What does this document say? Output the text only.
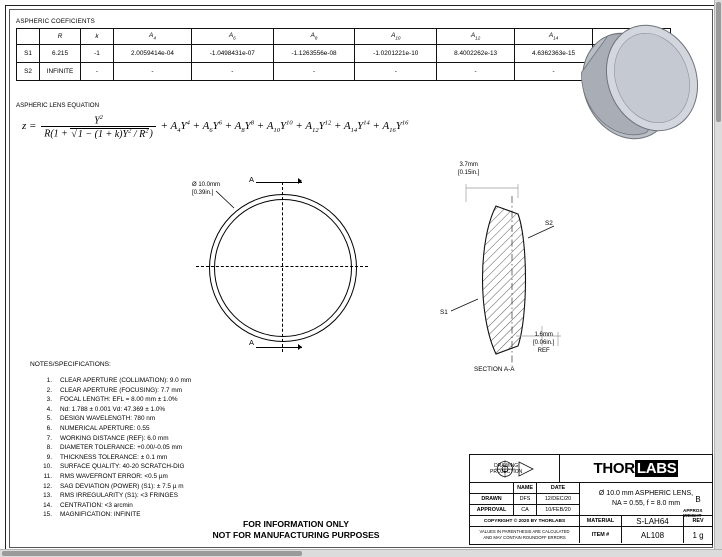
ASPHERIC COEFICIENTS
	R	k	$A_4$	$A_6$	$A_8$	$A_{10}$	$A_{12}$	$A_{14}$	
S1	6.215	-1	2.0059414e-04	-1.0498431e-07	-1.1263556e-08	-1.0201221e-10	8.4002262e-13	4.6362363e-15	
S2	INFINITE	-	-	-	-	-	-	-	
ASPHERIC LENS EQUATION
$z = \frac{Y^2}{R(1 + √1 - (1 + k)Y^2 / R^2)} + A_4Y^4 + A_6Y^6 + A_8Y^8 + A_{10}Y^{10} + A_{12}Y^{12} + A_{14}Y^{14} + A_{16}Y^{16}$
Ø 10.0mm
[0.39in.]
A
A
3.7mm
[0.15in.]
1.6mm
[0.06in.]
REF
S1
S2
SECTION A-A
NOTES/SPECIFICATIONS:
1.	CLEAR APERTURE (COLLIMATION): 9.0 mm
2.	CLEAR APERTURE (FOCUSING): 7.7 mm
3.	FOCAL LENGTH: EFL = 8.00 mm ± 1.0%
4.	Nd: 1.788 ± 0.001 Vd: 47.369 ± 1.0%
5.	DESIGN WAVELENGTH: 780 nm
6.	NUMERICAL APERTURE: 0.55
7.	WORKING DISTANCE (REF): 6.0 mm
8.	DIAMETER TOLERANCE: +0.00/-0.05 mm
9.	THICKNESS TOLERANCE: ± 0.1 mm
10.	SURFACE QUALITY: 40-20 SCRATCH-DIG
11.	RMS WAVEFRONT ERROR: <0.5 µm
12.	SAG DEVIATION (POWER) (S1): ± 7.5 µ m
13.	RMS IRREGULARITY (S1): <3 FRINGES
14.	CENTRATION: <3 arcmin
15.	MAGNIFICATION: INFINITE
FOR INFORMATION ONLY
NOT FOR MANUFACTURING PURPOSES
DRAWING
PROJECTION	THOR LABS
NAME	DATE
DRAWN	DFS	12/DEC/20
APPROVAL	CA	10/FEB/20
COPYRIGHT © 2020 BY THORLABS
VALUES IN PARENTHESIS ARE CALCULATED
AND MAY CONTAIN ROUNDOFF ERRORS
Ø 10.0 mm ASPHERIC LENS,
NA = 0.55, f = 8.0 mm
MATERIAL	S-LAH64	REV
ITEM #	AL108
B
1 g
APPROX WEIGHT
